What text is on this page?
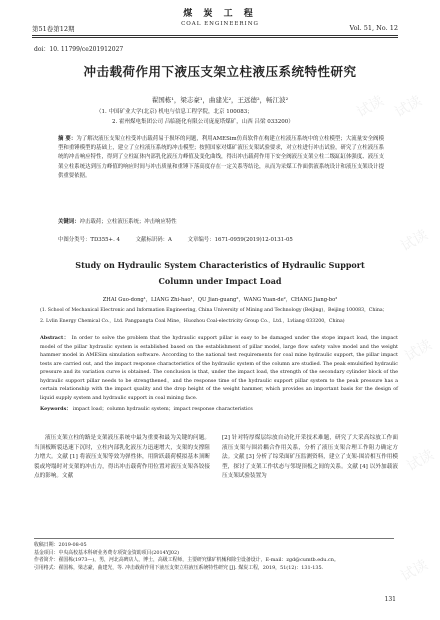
试读 试读
试读
试读
试读
试读
煤 炭 工 程
COAL ENGINEERING
第51卷第12期	Vol. 51, No. 12
doi：10. 11799/ce201912027
冲击载荷作用下液压支架立柱液压系统特性研究
翟国栋¹，梁志豪¹，曲建光²，王远德²，畅江波²
（1. 中国矿业大学(北京) 机电与信息工程学院，北京 100083；
2. 霍州煤电集团公司 吕临能化有限公司庞庞塔煤矿，山西 吕梁 033200）
摘 要：为了解决液压支架立柱受冲击载荷易于损坏的问题，利用AMESim仿真软件在构建立柱液压系统中的立柱模型；大流量安全阀模型和重锤模型的基础上，建立了立柱液压系统的冲击模型；按照国家对煤矿液压支架试验要求，对立柱进行冲击试验，研究了立柱液压系统的冲击响应特性，得到了立柱缸体内部乳化液压力峰值及变化曲线，得出冲击载荷作用下安全阀液压支架立柱二级缸缸体强度、液压支架立柱系统达到压力峰值的响应时间与冲击质量和重锤下落高度存在一定关系等结论，从而为采煤工作面供液系统设计和液压支架设计提供重要依据。
关键词：冲击载荷；立柱液压系统；冲击响应特性
中图分类号：TD355+. 4	文献标识码：A	文章编号：1671-0959(2019)12-0131-05
Study on Hydraulic System Characteristics of Hydraulic Support
Column under Impact Load
ZHAI Guo-dong¹，LIANG Zhi-hao¹，QU Jian-guang²，WANG Yuan-de²，CHANG Jiang-bo²
(1. School of Mechanical Electronic and Information Engineering, China University of Mining and Technology (Beijing)，Beijing 100083，China；
2. Lvlin Energy Chemical Co.，Ltd. Pangpangta Coal Mine，Huozhou Coal-electricity Group Co.，Ltd.，Lvliang 033200，China)
Abstract： In order to solve the problem that the hydraulic support pillar is easy to be damaged under the stope impact load, the impact model of the pillar hydraulic system is established based on the establishment of pillar model, large flow safety valve model and the weight hammer model in AMESim simulation software. According to the national test requirements for coal mine hydraulic support, the pillar impact tests are carried out, and the impact response characteristics of the hydraulic system of the column are studied. The peak emulsified hydraulic pressure and its variation curve is obtained. The conclusion is that, under the impact load, the strength of the secondary cylinder block of the hydraulic support pillar needs to be strengthened，and the response time of the hydraulic support pillar system to the peak pressure has a certain relationship with the impact quality and the drop height of the weight hammer, which provides an important basis for the design of liquid supply system and hydraulic support in coal mining face.
Keywords： impact load；column hydraulic system；impact response characteristics
液压支架立柱的路是支架液压系统中最为重要和最为关键的问题。当顶板断裂迅速下沉时，立柱内部乳化液压力迅速增大，支架的支撑阻力增大。文献 [1] 将液压支架等效为弹性体，用阶跃载荷模拟基本顶断裂或垮塌时对支架的冲击力，得出冲击载荷作用位置对液压支架各铰接点的影响。文献
[2] 针对特厚煤层综放自动化开采技术难题，研究了大采高综放工作面液压支架与围岩耦合作用关系，分析了液压支架合理工作阻力确定方法。文献 [3] 分析了综采面矿压监测资料，建立了支架-围岩相互作用模型，探讨了支架工作状态与邻堤顶板之间的关系。文献 [4] 以外加载液压支架试验装置为
收稿日期：2019-08-05
基金项目：中央高校基本科研业务费专项资金资助项目(2014YJ02)
作者简介：翟国栋(1973—)，男，河北高碑店人，博士，高级工程师，主要研究煤矿机械和除尘设备设计，E-mail：zgd@cumtb.edu.cn。
引用格式：翟国栋，梁志豪，曲建光，等. 冲击载荷作用下液压支架立柱液压系统特性研究 [J]. 煤炭工程，2019，51(12)：131-135.
131
